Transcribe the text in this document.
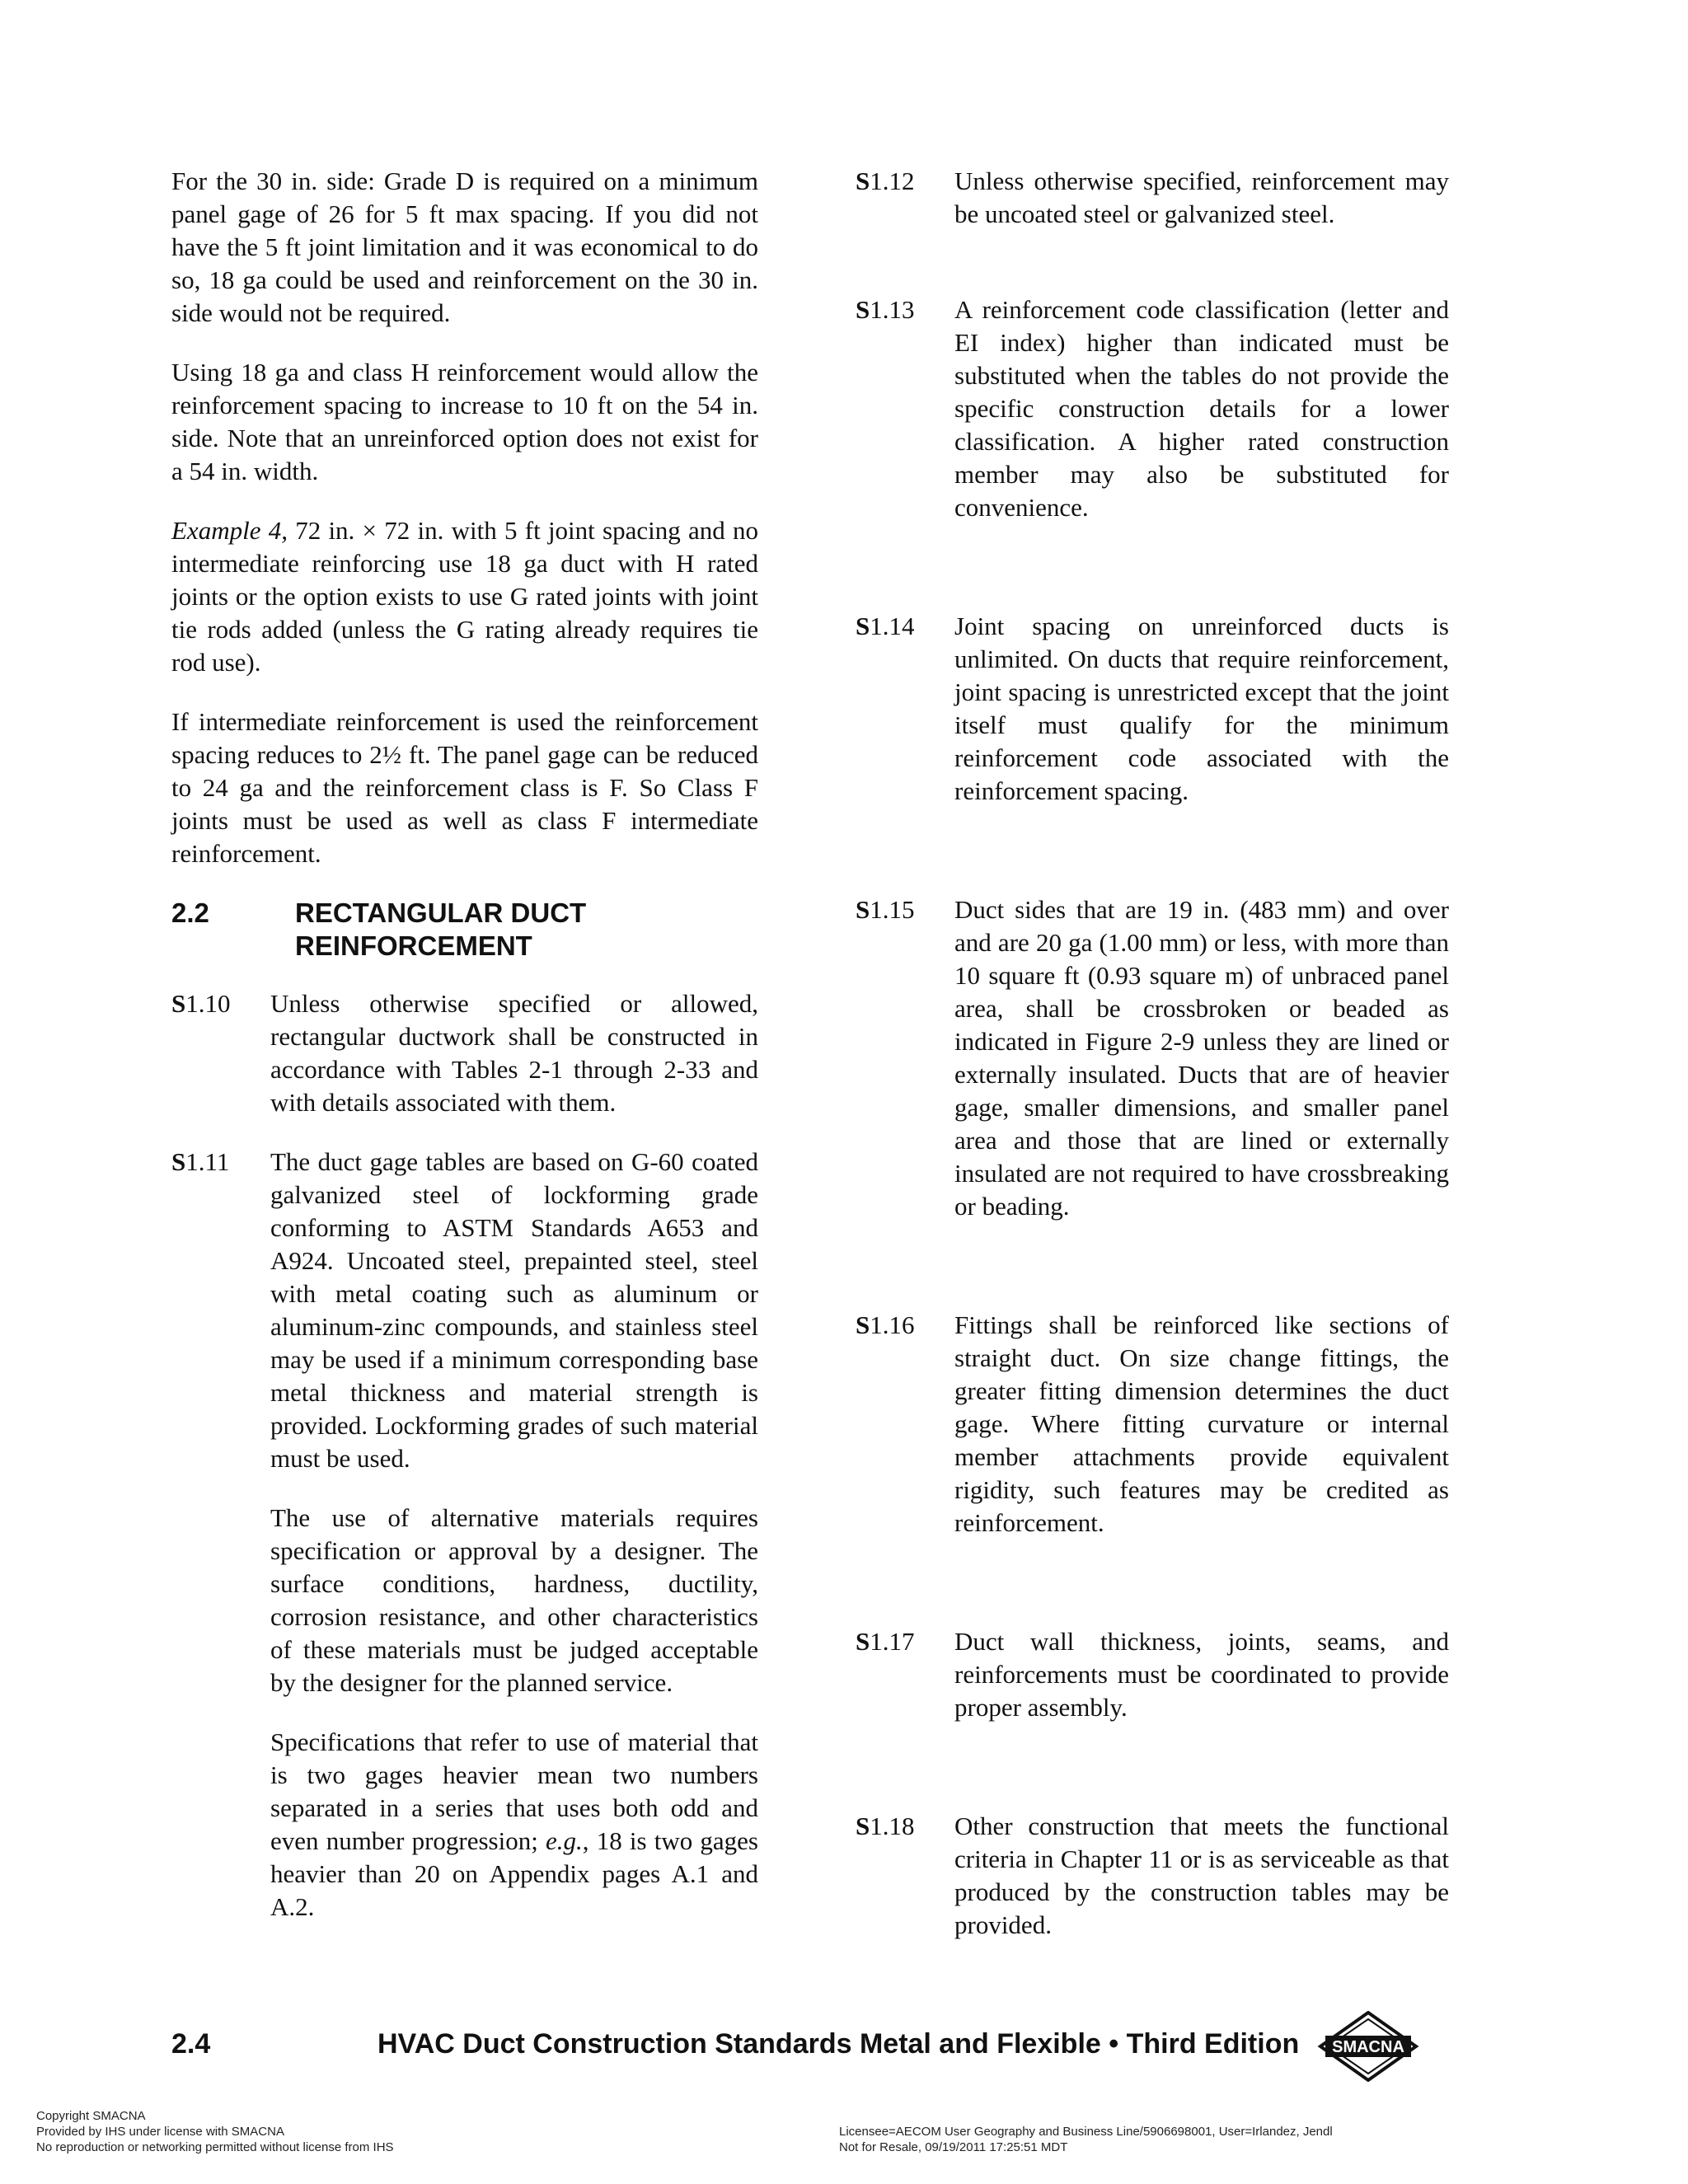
For the 30 in. side: Grade D is required on a minimum panel gage of 26 for 5 ft max spacing. If you did not have the 5 ft joint limitation and it was economical to do so, 18 ga could be used and reinforcement on the 30 in. side would not be required.

Using 18 ga and class H reinforcement would allow the reinforcement spacing to increase to 10 ft on the 54 in. side. Note that an unreinforced option does not exist for a 54 in. width.

Example 4, 72 in. × 72 in. with 5 ft joint spacing and no intermediate reinforcing use 18 ga duct with H rated joints or the option exists to use G rated joints with joint tie rods added (unless the G rating already requires tie rod use).

If intermediate reinforcement is used the reinforcement spacing reduces to 2½ ft. The panel gage can be reduced to 24 ga and the reinforcement class is F. So Class F joints must be used as well as class F intermediate reinforcement.

2.2	RECTANGULAR DUCT
REINFORCEMENT
S1.10	Unless otherwise specified or allowed, rectangular ductwork shall be constructed in accordance with Tables 2-1 through 2-33 and with details associated with them.

S1.11	The duct gage tables are based on G-60 coated galvanized steel of lockforming grade conforming to ASTM Standards A653 and A924. Uncoated steel, prepainted steel, steel with metal coating such as aluminum or aluminum-zinc compounds, and stainless steel may be used if a minimum corresponding base metal thickness and material strength is provided. Lockforming grades of such material must be used.

The use of alternative materials requires specification or approval by a designer. The surface conditions, hardness, ductility, corrosion resistance, and other characteristics of these materials must be judged acceptable by the designer for the planned service.

Specifications that refer to use of material that is two gages heavier mean two numbers separated in a series that uses both odd and even number progression; e.g., 18 is two gages heavier than 20 on Appendix pages A.1 and A.2.

S1.12	Unless otherwise specified, reinforcement may be uncoated steel or galvanized steel.

S1.13	A reinforcement code classification (letter and EI index) higher than indicated must be substituted when the tables do not provide the specific construction details for a lower classification. A higher rated construction member may also be substituted for convenience.

S1.14	Joint spacing on unreinforced ducts is unlimited. On ducts that require reinforcement, joint spacing is unrestricted except that the joint itself must qualify for the minimum reinforcement code associated with the reinforcement spacing.

S1.15	Duct sides that are 19 in. (483 mm) and over and are 20 ga (1.00 mm) or less, with more than 10 square ft (0.93 square m) of unbraced panel area, shall be crossbroken or beaded as indicated in Figure 2-9 unless they are lined or externally insulated. Ducts that are of heavier gage, smaller dimensions, and smaller panel area and those that are lined or externally insulated are not required to have crossbreaking or beading.

S1.16	Fittings shall be reinforced like sections of straight duct. On size change fittings, the greater fitting dimension determines the duct gage. Where fitting curvature or internal member attachments provide equivalent rigidity, such features may be credited as reinforcement.

S1.17	Duct wall thickness, joints, seams, and reinforcements must be coordinated to provide proper assembly.

S1.18	Other construction that meets the functional criteria in Chapter 11 or is as serviceable as that produced by the construction tables may be provided.

2.4	HVAC Duct Construction Standards Metal and Flexible • Third Edition SMACNA
Copyright SMACNA
Provided by IHS under license with SMACNA
No reproduction or networking permitted without license from IHS
Licensee=AECOM User Geography and Business Line/5906698001, User=Irlandez, Jendl
Not for Resale, 09/19/2011 17:25:51 MDT
